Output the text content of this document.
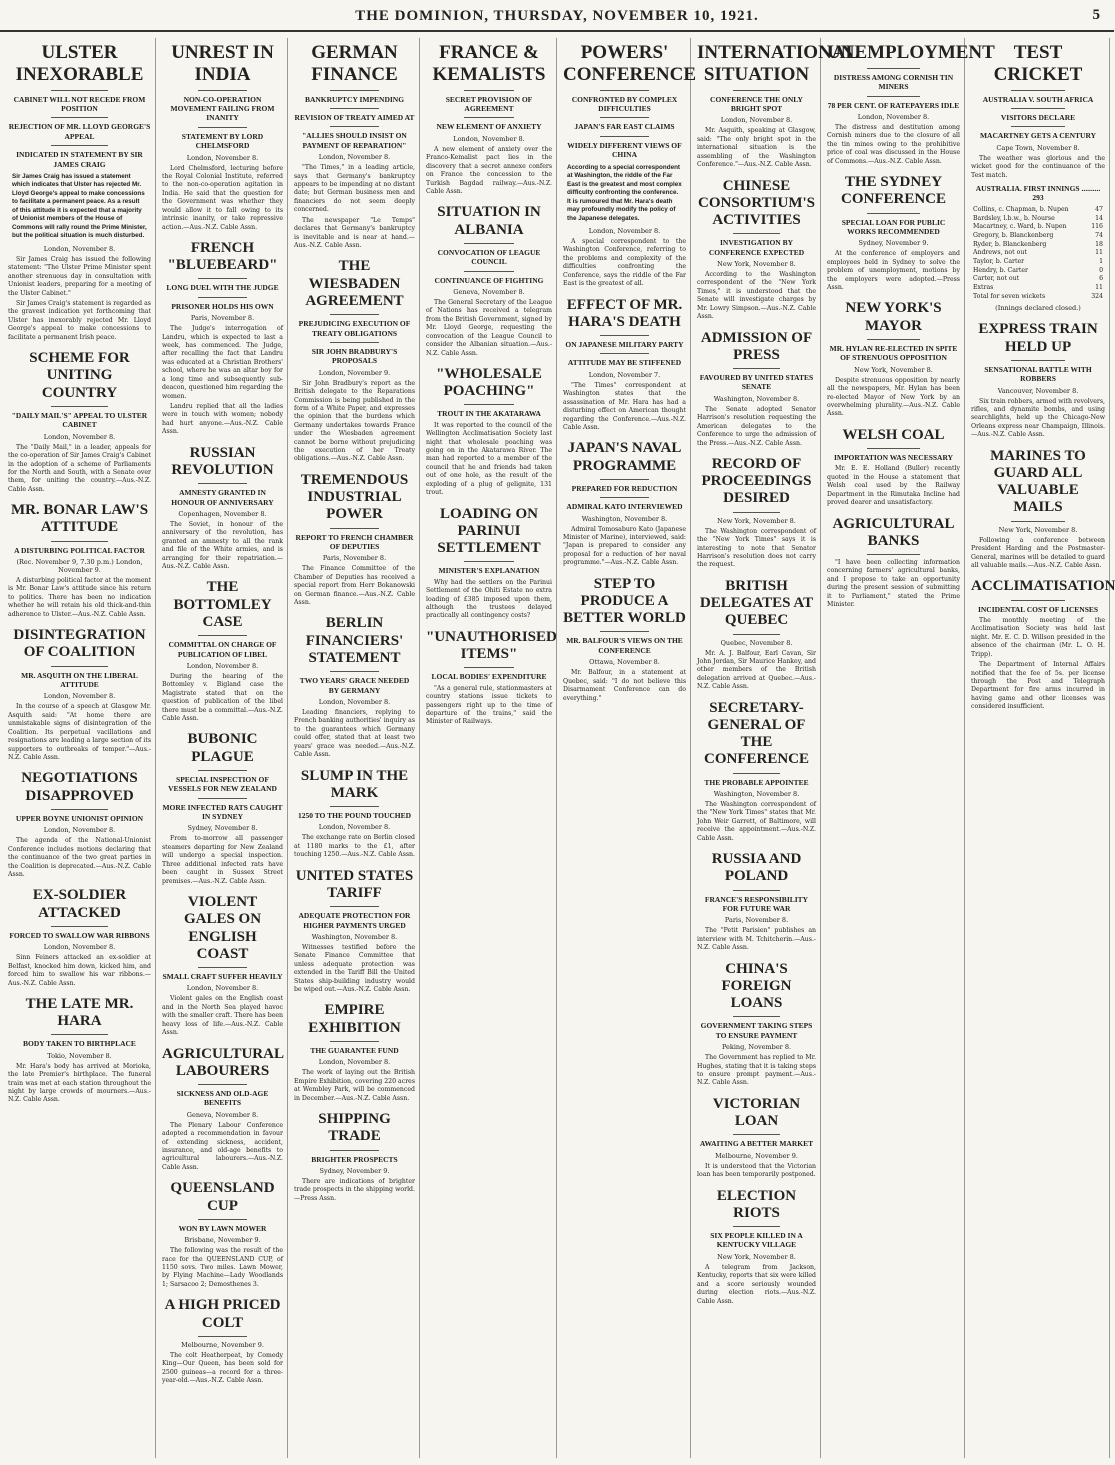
THE DOMINION, THURSDAY, NOVEMBER 10, 1921.	5
ULSTER INEXORABLE
CABINET WILL NOT RECEDE FROM POSITION
REJECTION OF MR. LLOYD GEORGE'S APPEAL
INDICATED IN STATEMENT BY SIR JAMES CRAIG
Sir James Craig has issued a statement which indicates that Ulster has rejected Mr. Lloyd George's appeal to make concessions to facilitate a permanent peace. As a result of this attitude it is expected that a majority of Unionist members of the House of Commons will rally round the Prime Minister, but the political situation is much disturbed.
London, November 8.

Sir James Craig has issued the following statement: "The Ulster Prime Minister spent another strenuous day in consultation with Unionist leaders, preparing for a meeting of the Ulster Cabinet."

Sir James Craig's statement is regarded as the gravest indication yet forthcoming that Ulster has inexorably rejected Mr. Lloyd George's appeal to make concessions to facilitate a permanent Irish peace.

SCHEME FOR UNITING COUNTRY
"DAILY MAIL'S" APPEAL TO ULSTER CABINET
London, November 8.

The "Daily Mail," in a leader, appeals for the co-operation of Sir James Craig's Cabinet in the adoption of a scheme of Parliaments for the North and South, with a Senate over them, for uniting the country.—Aus.-N.Z. Cable Assn.

MR. BONAR LAW'S ATTITUDE
A DISTURBING POLITICAL FACTOR
(Rec. November 9, 7.30 p.m.) London, November 9.

A disturbing political factor at the moment is Mr. Bonar Law's attitude since his return to politics. There has been no indication whether he will retain his old thick-and-thin adherence to Ulster.—Aus.-N.Z. Cable Assn.

DISINTEGRATION OF COALITION
MR. ASQUITH ON THE LIBERAL ATTITUDE
London, November 8.

In the course of a speech at Glasgow Mr. Asquith said: "At home there are unmistakable signs of disintegration of the Coalition. Its perpetual vacillations and resignations are leading a large section of its supporters to outbreaks of temper."—Aus.-N.Z. Cable Assn.

NEGOTIATIONS DISAPPROVED
UPPER BOYNE UNIONIST OPINION
London, November 8.

The agenda of the National-Unionist Conference includes motions declaring that the continuance of the two great parties in the Coalition is deprecated.—Aus.-N.Z. Cable Assn.

EX-SOLDIER ATTACKED
FORCED TO SWALLOW WAR RIBBONS
London, November 8.

Sinn Feiners attacked an ex-soldier at Belfast, knocked him down, kicked him, and forced him to swallow his war ribbons.—Aus.-N.Z. Cable Assn.

THE LATE MR. HARA
BODY TAKEN TO BIRTHPLACE
Tokio, November 8.

Mr. Hara's body has arrived at Morioka, the late Premier's birthplace. The funeral train was met at each station throughout the night by large crowds of mourners.—Aus.-N.Z. Cable Assn.

UNREST IN INDIA
NON-CO-OPERATION MOVEMENT FAILING FROM INANITY
STATEMENT BY LORD CHELMSFORD
London, November 8.

Lord Chelmsford, lecturing before the Royal Colonial Institute, referred to the non-co-operation agitation in India. He said that the question for the Government was whether they would allow it to fall owing to its intrinsic inanity, or take repressive action.—Aus.-N.Z. Cable Assn.

FRENCH "BLUEBEARD"
LONG DUEL WITH THE JUDGE
PRISONER HOLDS HIS OWN
Paris, November 8.

The Judge's interrogation of Landru, which is expected to last a week, has commenced. The Judge, after recalling the fact that Landru was educated at a Christian Brothers' school, where he was an altar boy for a long time and subsequently sub-deacon, questioned him regarding the women.

Landru replied that all the ladies were in touch with women; nobody had hurt anyone.—Aus.-N.Z. Cable Assn.

RUSSIAN REVOLUTION
AMNESTY GRANTED IN HONOUR OF ANNIVERSARY
Copenhagen, November 8.

The Soviet, in honour of the anniversary of the revolution, has granted an amnesty to all the rank and file of the White armies, and is arranging for their repatriation.—Aus.-N.Z. Cable Assn.

THE BOTTOMLEY CASE
COMMITTAL ON CHARGE OF PUBLICATION OF LIBEL
London, November 8.

During the hearing of the Bottomley v. Bigland case the Magistrate stated that on the question of publication of the libel there must be a committal.—Aus.-N.Z. Cable Assn.

BUBONIC PLAGUE
SPECIAL INSPECTION OF VESSELS FOR NEW ZEALAND
MORE INFECTED RATS CAUGHT IN SYDNEY
Sydney, November 8.

From to-morrow all passenger steamers departing for New Zealand will undergo a special inspection. Three additional infected rats have been caught in Sussex Street premises.—Aus.-N.Z. Cable Assn.

VIOLENT GALES ON ENGLISH COAST
SMALL CRAFT SUFFER HEAVILY
London, November 8.

Violent gales on the English coast and in the North Sea played havoc with the smaller craft. There has been heavy loss of life.—Aus.-N.Z. Cable Assn.

AGRICULTURAL LABOURERS
SICKNESS AND OLD-AGE BENEFITS
Geneva, November 8.

The Plenary Labour Conference adopted a recommendation in favour of extending sickness, accident, insurance, and old-age benefits to agricultural labourers.—Aus.-N.Z. Cable Assn.

QUEENSLAND CUP
WON BY LAWN MOWER
Brisbane, November 9.

The following was the result of the race for the QUEENSLAND CUP, of 1150 sovs. Two miles. Lawn Mower, by Flying Machine—Lady Woodlands 1; Sarsacoo 2; Demosthenes 3.

A HIGH PRICED COLT
Melbourne, November 9.

The colt Heatherpeat, by Comedy King—Our Queen, has been sold for 2500 guineas—a record for a three-year-old.—Aus.-N.Z. Cable Assn.

GERMAN FINANCE
BANKRUPTCY IMPENDING
REVISION OF TREATY AIMED AT
"ALLIES SHOULD INSIST ON PAYMENT OF REPARATION"
London, November 8.

"The Times," in a leading article, says that Germany's bankruptcy appears to be impending at no distant date; but German business men and financiers do not seem deeply concerned.

The newspaper "Le Temps" declares that Germany's bankruptcy is inevitable and is near at hand.—Aus.-N.Z. Cable Assn.

THE WIESBADEN AGREEMENT
PREJUDICING EXECUTION OF TREATY OBLIGATIONS
SIR JOHN BRADBURY'S PROPOSALS
London, November 9.

Sir John Bradbury's report as the British delegate to the Reparations Commission is being published in the form of a White Paper, and expresses the opinion that the burdens which Germany undertakes towards France under the Wiesbaden agreement cannot be borne without prejudicing the execution of her Treaty obligations.—Aus.-N.Z. Cable Assn.

TREMENDOUS INDUSTRIAL POWER
REPORT TO FRENCH CHAMBER OF DEPUTIES
Paris, November 8.

The Finance Committee of the Chamber of Deputies has received a special report from Herr Bokanowski on German finance.—Aus.-N.Z. Cable Assn.

BERLIN FINANCIERS' STATEMENT
TWO YEARS' GRACE NEEDED BY GERMANY
London, November 8.

Leading financiers, replying to French banking authorities' inquiry as to the guarantees which Germany could offer, stated that at least two years' grace was needed.—Aus.-N.Z. Cable Assn.

SLUMP IN THE MARK
1250 TO THE POUND TOUCHED
London, November 8.

The exchange rate on Berlin closed at 1180 marks to the £1, after touching 1250.—Aus.-N.Z. Cable Assn.

UNITED STATES TARIFF
ADEQUATE PROTECTION FOR HIGHER PAYMENTS URGED
Washington, November 8.

Witnesses testified before the Senate Finance Committee that unless adequate protection was extended in the Tariff Bill the United States ship-building industry would be wiped out.—Aus.-N.Z. Cable Assn.

EMPIRE EXHIBITION
THE GUARANTEE FUND
London, November 8.

The work of laying out the British Empire Exhibition, covering 220 acres at Wembley Park, will be commenced in December.—Aus.-N.Z. Cable Assn.

SHIPPING TRADE
BRIGHTER PROSPECTS
Sydney, November 9.

There are indications of brighter trade prospects in the shipping world.—Press Assn.

FRANCE & KEMALISTS
SECRET PROVISION OF AGREEMENT
NEW ELEMENT OF ANXIETY
London, November 8.

A new element of anxiety over the Franco-Kemalist pact lies in the discovery that a secret annexe confers on France the concession to the Turkish Bagdad railway.—Aus.-N.Z. Cable Assn.

SITUATION IN ALBANIA
CONVOCATION OF LEAGUE COUNCIL
CONTINUANCE OF FIGHTING
Geneva, November 8.

The General Secretary of the League of Nations has received a telegram from the British Government, signed by Mr. Lloyd George, requesting the convocation of the League Council to consider the Albanian situation.—Aus.-N.Z. Cable Assn.

"WHOLESALE POACHING"
TROUT IN THE AKATARAWA

It was reported to the council of the Wellington Acclimatisation Society last night that wholesale poaching was going on in the Akatarawa River. The man had reported to a member of the council that he and friends had taken out of one hole, as the result of the exploding of a plug of gelignite, 131 trout.

LOADING ON PARINUI SETTLEMENT
MINISTER'S EXPLANATION

Why had the settlers on the Parinui Settlement of the Ohiti Estate no extra loading of £385 imposed upon them, although the trustees delayed practically all contingency costs?

"UNAUTHORISED ITEMS"
LOCAL BODIES' EXPENDITURE

"As a general rule, stationmasters at country stations issue tickets to passengers right up to the time of departure of the trains," said the Minister of Railways.

POWERS' CONFERENCE
CONFRONTED BY COMPLEX DIFFICULTIES
JAPAN'S FAR EAST CLAIMS
WIDELY DIFFERENT VIEWS OF CHINA
According to a special correspondent at Washington, the riddle of the Far East is the greatest and most complex difficulty confronting the conference. It is rumoured that Mr. Hara's death may profoundly modify the policy of the Japanese delegates.
London, November 8.

A special correspondent to the Washington Conference, referring to the problems and complexity of the difficulties confronting the Conference, says the riddle of the Far East is the greatest of all.

EFFECT OF MR. HARA'S DEATH
ON JAPANESE MILITARY PARTY
ATTITUDE MAY BE STIFFENED
London, November 7.

"The Times" correspondent at Washington states that the assassination of Mr. Hara has had a disturbing effect on American thought regarding the Conference.—Aus.-N.Z. Cable Assn.

JAPAN'S NAVAL PROGRAMME
PREPARED FOR REDUCTION
ADMIRAL KATO INTERVIEWED
Washington, November 8.

Admiral Tomosaburo Kato (Japanese Minister of Marine), interviewed, said: "Japan is prepared to consider any proposal for a reduction of her naval programme."—Aus.-N.Z. Cable Assn.

STEP TO PRODUCE A BETTER WORLD
MR. BALFOUR'S VIEWS ON THE CONFERENCE
Ottawa, November 8.

Mr. Balfour, in a statement at Quebec, said: "I do not believe this Disarmament Conference can do everything."

INTERNATIONAL SITUATION
CONFERENCE THE ONLY BRIGHT SPOT
London, November 8.

Mr. Asquith, speaking at Glasgow, said: "The only bright spot in the international situation is the assembling of the Washington Conference."—Aus.-N.Z. Cable Assn.

CHINESE CONSORTIUM'S ACTIVITIES
INVESTIGATION BY CONFERENCE EXPECTED
New York, November 8.

According to the Washington correspondent of the "New York Times," it is understood that the Senate will investigate charges by Mr. Lowry Simpson.—Aus.-N.Z. Cable Assn.

ADMISSION OF PRESS
FAVOURED BY UNITED STATES SENATE
Washington, November 8.

The Senate adopted Senator Harrison's resolution requesting the American delegates to the Conference to urge the admission of the Press.—Aus.-N.Z. Cable Assn.

RECORD OF PROCEEDINGS DESIRED
New York, November 8.

The Washington correspondent of the "New York Times" says it is interesting to note that Senator Harrison's resolution does not carry the request.

BRITISH DELEGATES AT QUEBEC
Quebec, November 8.

Mr. A. J. Balfour, Earl Cavan, Sir John Jordan, Sir Maurice Hankey, and other members of the British delegation arrived at Quebec.—Aus.-N.Z. Cable Assn.

SECRETARY-GENERAL OF THE CONFERENCE
THE PROBABLE APPOINTEE
Washington, November 8.

The Washington correspondent of the "New York Times" states that Mr. John Weir Garrett, of Baltimore, will receive the appointment.—Aus.-N.Z. Cable Assn.

RUSSIA AND POLAND
FRANCE'S RESPONSIBILITY FOR FUTURE WAR
Paris, November 8.

The "Petit Parisien" publishes an interview with M. Tchitcherin.—Aus.-N.Z. Cable Assn.

CHINA'S FOREIGN LOANS
GOVERNMENT TAKING STEPS TO ENSURE PAYMENT
Peking, November 8.

The Government has replied to Mr. Hughes, stating that it is taking steps to ensure prompt payment.—Aus.-N.Z. Cable Assn.

VICTORIAN LOAN
AWAITING A BETTER MARKET
Melbourne, November 9.

It is understood that the Victorian loan has been temporarily postponed.

ELECTION RIOTS
SIX PEOPLE KILLED IN A KENTUCKY VILLAGE
New York, November 8.

A telegram from Jackson, Kentucky, reports that six were killed and a score seriously wounded during election riots.—Aus.-N.Z. Cable Assn.

UNEMPLOYMENT
DISTRESS AMONG CORNISH TIN MINERS
78 PER CENT. OF RATEPAYERS IDLE
London, November 8.

The distress and destitution among Cornish miners due to the closure of all the tin mines owing to the prohibitive price of coal was discussed in the House of Commons.—Aus.-N.Z. Cable Assn.

THE SYDNEY CONFERENCE
SPECIAL LOAN FOR PUBLIC WORKS RECOMMENDED
Sydney, November 9.

At the conference of employers and employees held in Sydney to solve the problem of unemployment, motions by the employers were adopted.—Press Assn.

NEW YORK'S MAYOR
MR. HYLAN RE-ELECTED IN SPITE OF STRENUOUS OPPOSITION
New York, November 8.

Despite strenuous opposition by nearly all the newspapers, Mr. Hylan has been re-elected Mayor of New York by an overwhelming plurality.—Aus.-N.Z. Cable Assn.

WELSH COAL
IMPORTATION WAS NECESSARY

Mr. E. E. Holland (Buller) recently quoted in the House a statement that Welsh coal used by the Railway Department in the Rimutaka Incline had proved dearer and unsatisfactory.

AGRICULTURAL BANKS

"I have been collecting information concerning farmers' agricultural banks, and I propose to take an opportunity during the present session of submitting it to Parliament," stated the Prime Minister.

TEST CRICKET
AUSTRALIA V. SOUTH AFRICA
VISITORS DECLARE
MACARTNEY GETS A CENTURY
Cape Town, November 8.

The weather was glorious and the wicket good for the continuance of the Test match.

AUSTRALIA. FIRST INNINGS .......... 293
Collins, c. Chapman, b. Nupen	47
Bardsley, l.b.w., b. Nourse	14
Macartney, c. Ward, b. Nupen	116
Gregory, b. Blanckenberg	74
Ryder, b. Blanckenberg	18
Andrews, not out	11
Taylor, b. Carter	1
Hendry, b. Carter	0
Carter, not out	6
Extras	11
Total for seven wickets	324
(Innings declared closed.)
EXPRESS TRAIN HELD UP
SENSATIONAL BATTLE WITH ROBBERS
Vancouver, November 8.

Six train robbers, armed with revolvers, rifles, and dynamite bombs, and using searchlights, held up the Chicago-New Orleans express near Champaign, Illinois.—Aus.-N.Z. Cable Assn.

MARINES TO GUARD ALL VALUABLE MAILS
New York, November 8.

Following a conference between President Harding and the Postmaster-General, marines will be detailed to guard all valuable mails.—Aus.-N.Z. Cable Assn.

ACCLIMATISATION
INCIDENTAL COST OF LICENSES

The monthly meeting of the Acclimatisation Society was held last night. Mr. E. C. D. Willson presided in the absence of the chairman (Mr. L. O. H. Tripp).

The Department of Internal Affairs notified that the fee of 5s. per license through the Post and Telegraph Department for fire arms incurred in having game and other licenses was considered insufficient.
